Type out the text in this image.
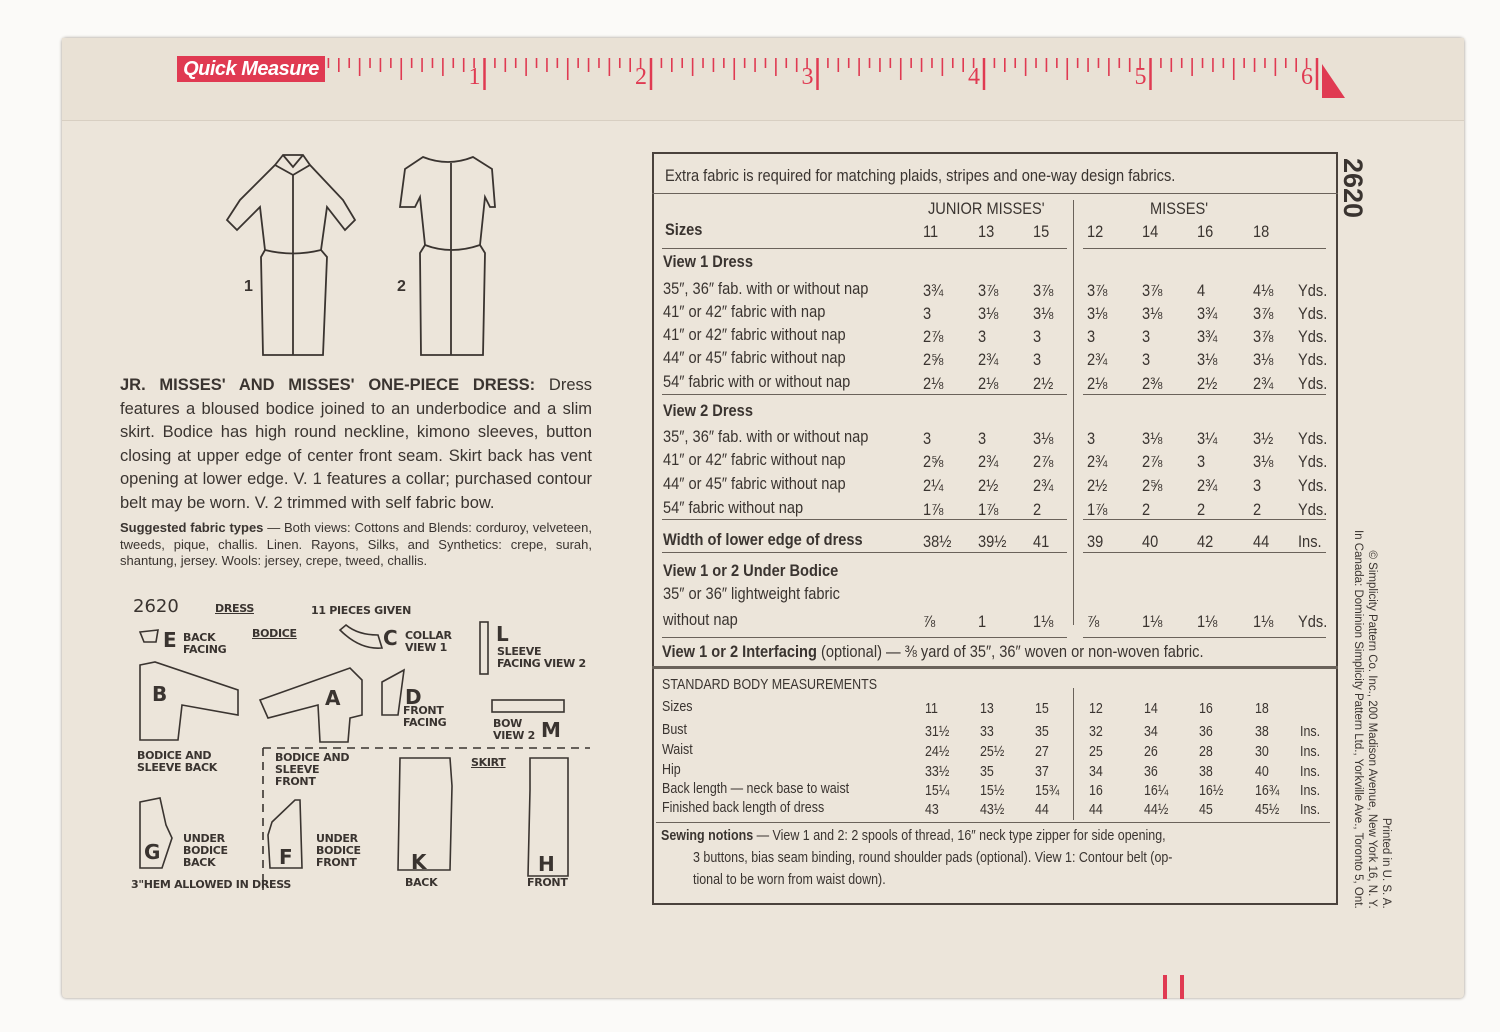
Quick Measure	1	2	3	4	5	6
1	2
JR. MISSES' AND MISSES' ONE-PIECE DRESS: Dress features a bloused bodice joined to an underbodice and a slim skirt. Bodice has high round neckline, kimono sleeves, button closing at upper edge of center front seam. Skirt back has vent opening at lower edge. V. 1 features a collar; purchased contour belt may be worn. V. 2 trimmed with self fabric bow.
Suggested fabric types — Both views: Cottons and Blends: corduroy, velveteen, tweeds, pique, challis. Linen. Rayons, Silks, and Synthetics: crepe, surah, shantung, jersey. Wools: jersey, crepe, tweed, challis.
2620	DRESS	11 PIECES GIVEN
BODICE
SKIRT
3"HEM ALLOWED IN DRESS
E BACK FACING	C COLLAR VIEW 1
L
SLEEVE FACING VIEW 2
B
BODICE AND SLEEVE BACK
A
BODICE AND SLEEVE FRONT
D
FRONT FACING	M
BOW VIEW 2
G
UNDER BODICE BACK	F
UNDER BODICE FRONT	K
BACK
H
FRONT
Extra fabric is required for matching plaids, stripes and one-way design fabrics.
JUNIOR MISSES'	MISSES'
Sizes	11 13 15 12 14 16 18
View 1 Dress
35″, 36″ fab. with or without nap	3¾ 3⅞ 3⅞ 3⅞ 3⅞ 4	4⅛ Yds.
41″ or 42″ fabric with nap	3	3⅛ 3⅛ 3⅛ 3⅛ 3¾ 3⅞ Yds.
41″ or 42″ fabric without nap	2⅞ 3	3	3	3	3¾ 3⅞ Yds.
44″ or 45″ fabric without nap	2⅝ 2¾ 3	2¾ 3	3⅛ 3⅛ Yds.
54″ fabric with or without nap	2⅛ 2⅛ 2½ 2⅛ 2⅜ 2½ 2¾ Yds.
View 2 Dress
35″, 36″ fab. with or without nap	3	3	3⅛ 3	3⅛ 3¼ 3½ Yds.
41″ or 42″ fabric without nap	2⅝ 2¾ 2⅞ 2¾ 2⅞ 3	3⅛ Yds.
44″ or 45″ fabric without nap	2¼ 2½ 2¾ 2½ 2⅝ 2¾ 3 Yds.
54″ fabric without nap	1⅞ 1⅞ 2	1⅞ 2	2	2 Yds.
Width of lower edge of dress	38½ 39½ 41 39 40 42 44 Ins.
View 1 or 2 Under Bodice
35″ or 36″ lightweight fabric
without nap	⅞	1	1⅛ ⅞	1⅛ 1⅛ 1⅛ Yds.
View 1 or 2 Interfacing (optional) — ⅜ yard of 35″, 36″ woven or non-woven fabric.
STANDARD BODY MEASUREMENTS
Sizes	11	13	15	12	14	16	18
Bust	31½ 33	35	32	34	36	38 Ins.
Waist	24½ 25½ 27	25	26	28	30 Ins.
Hip	33½ 35	37	34	36	38	40 Ins.
Back length — neck base to waist	15¼ 15½ 15¾ 16	16¼ 16½ 16¾ Ins.
Finished back length of dress	43	43½ 44	44	44½ 45	45½ Ins.
Sewing notions — View 1 and 2: 2 spools of thread, 16″ neck type zipper for side opening,
3 buttons, bias seam binding, round shoulder pads (optional). View 1: Contour belt (op-
tional to be worn from waist down).
2620
Printed in U. S. A.
© Simplicity Pattern Co. Inc., 200 Madison Avenue, New York 16, N. Y.
In Canada: Dominion Simplicity Pattern Ltd., Yorkville Ave., Toronto 5, Ont.
